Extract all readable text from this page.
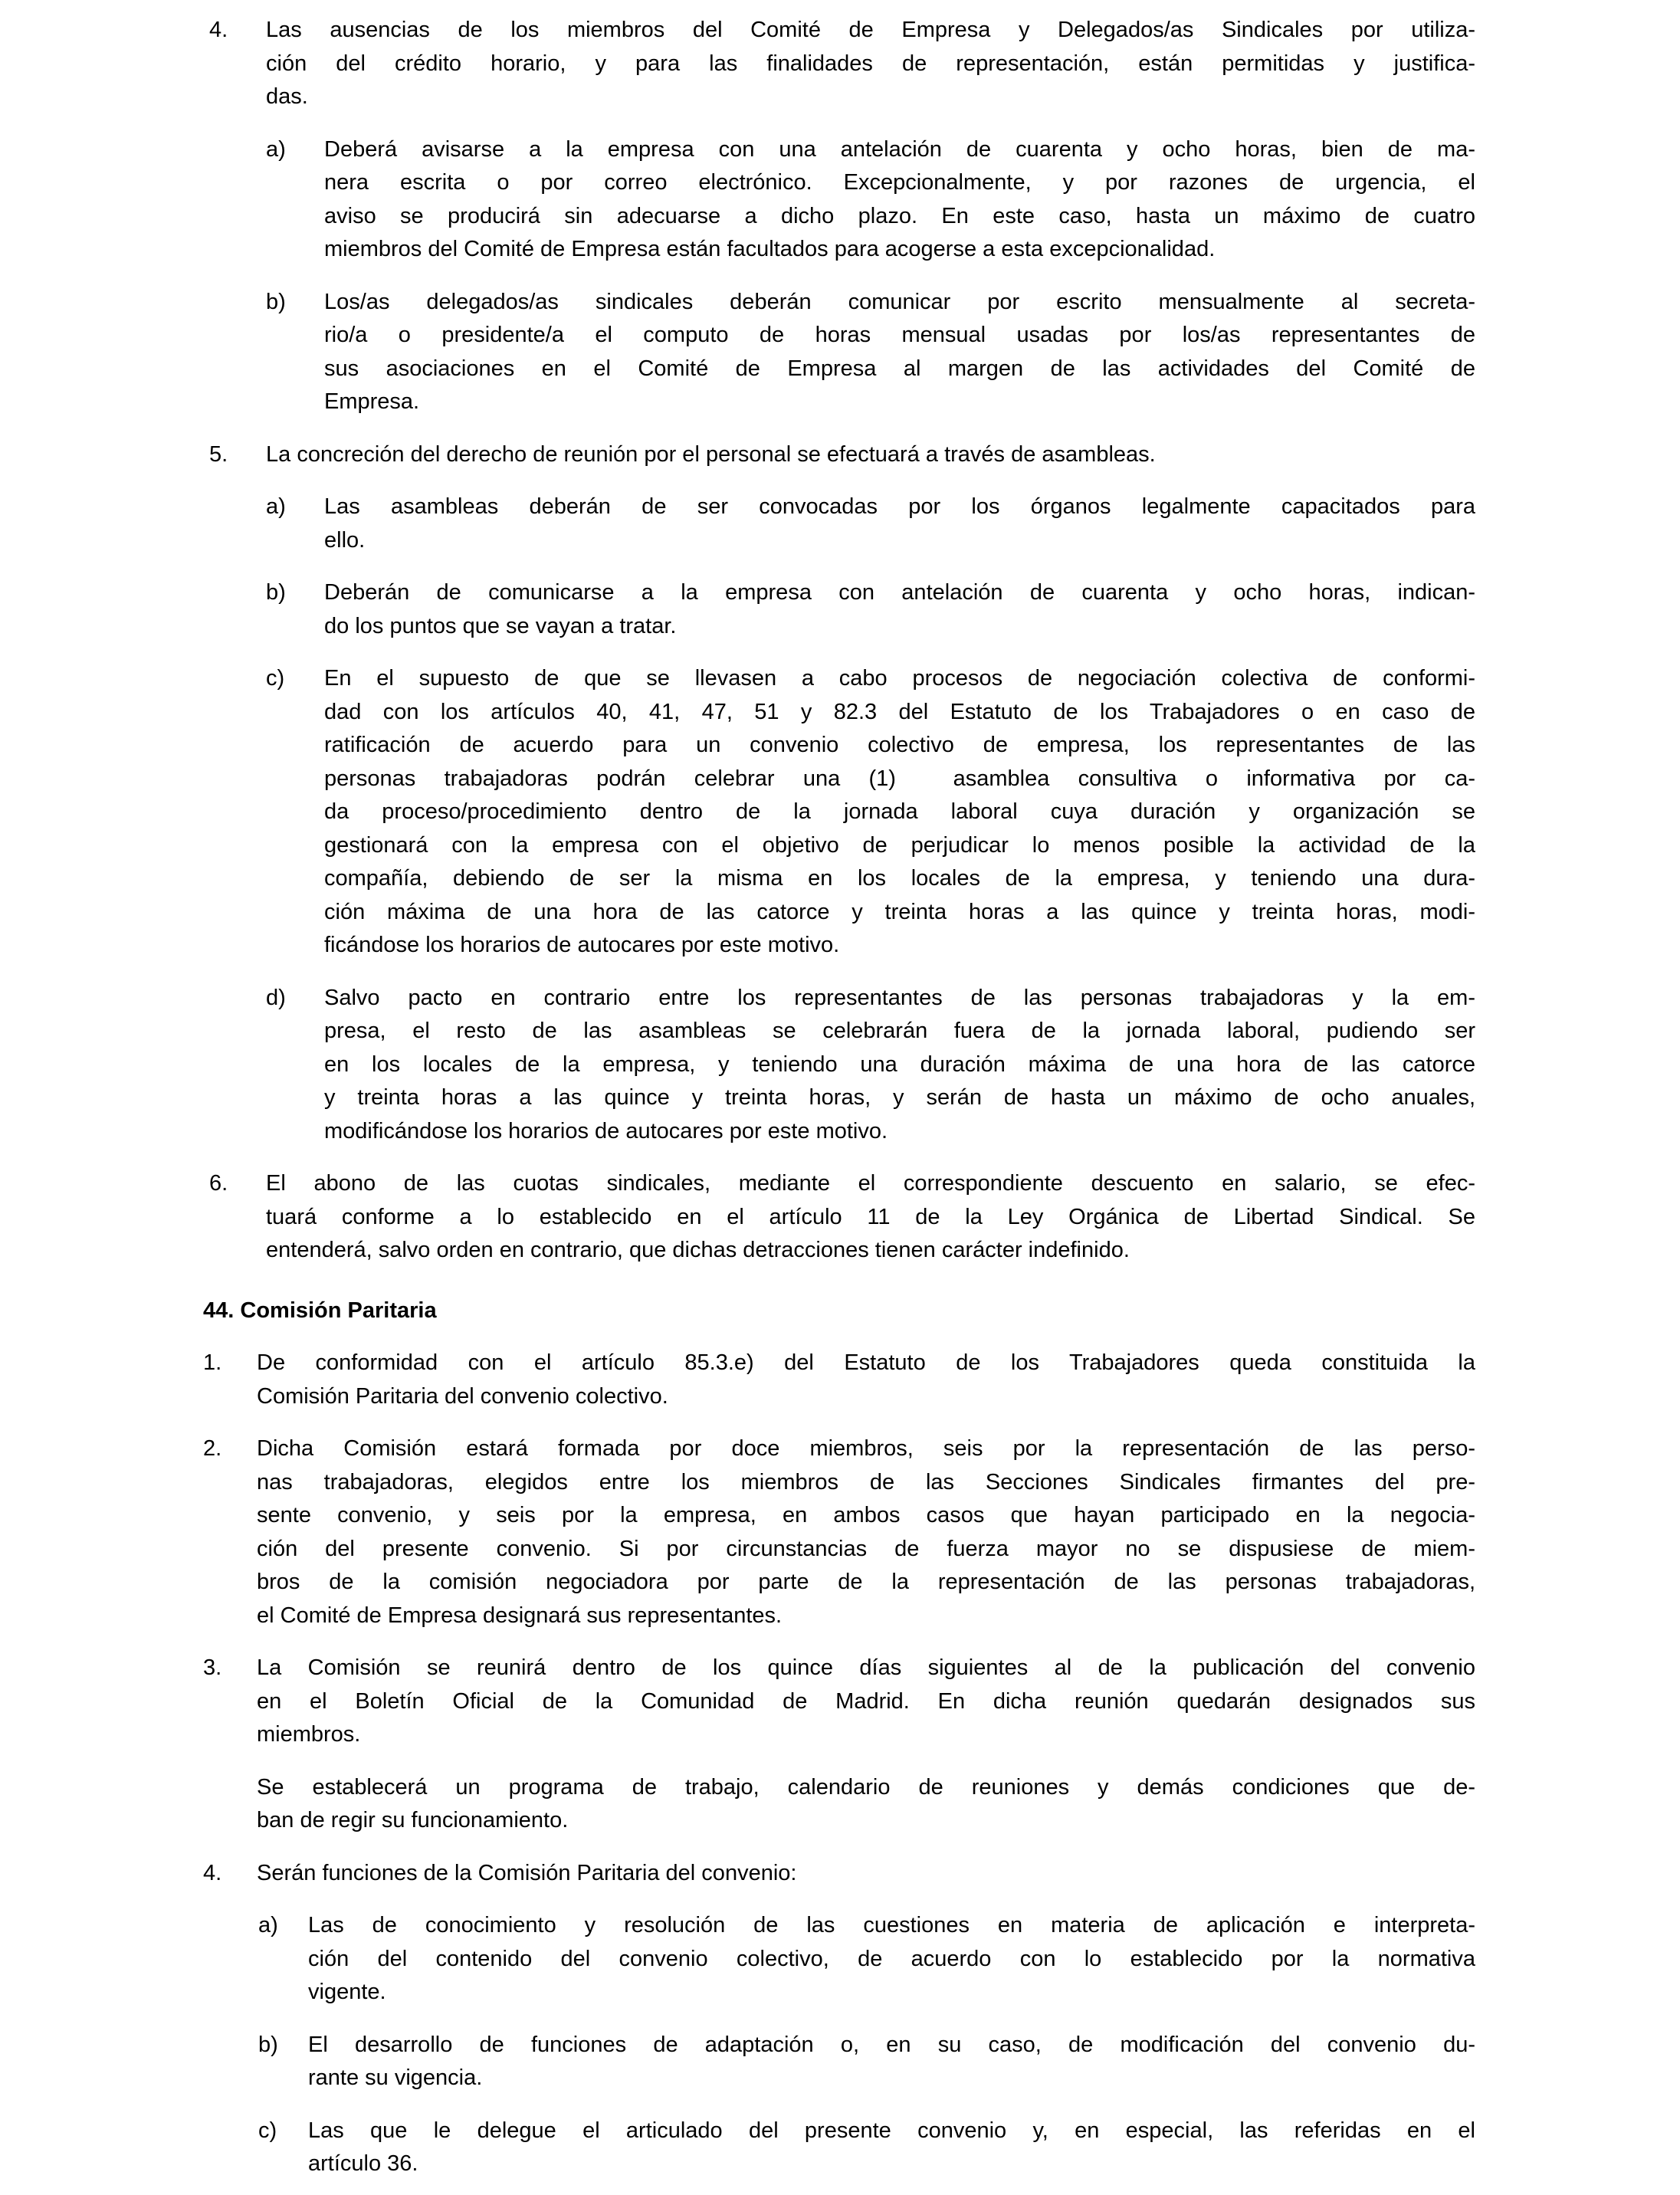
4.	Las ausencias de los miembros del Comité de Empresa y Delegados/as Sindicales por utiliza-
ción del crédito horario, y para las finalidades de representación, están permitidas y justifica-
das.
a)	Deberá avisarse a la empresa con una antelación de cuarenta y ocho horas, bien de ma-
nera escrita o por correo electrónico. Excepcionalmente, y por razones de urgencia, el
aviso se producirá sin adecuarse a dicho plazo. En este caso, hasta un máximo de cuatro
miembros del Comité de Empresa están facultados para acogerse a esta excepcionalidad.
b)	Los/as delegados/as sindicales deberán comunicar por escrito mensualmente al secreta-
rio/a o presidente/a el computo de horas mensual usadas por los/as representantes de
sus asociaciones en el Comité de Empresa al margen de las actividades del Comité de
Empresa.
5.	La concreción del derecho de reunión por el personal se efectuará a través de asambleas.
a)	Las asambleas deberán de ser convocadas por los órganos legalmente capacitados para
ello.
b)	Deberán de comunicarse a la empresa con antelación de cuarenta y ocho horas, indican-
do los puntos que se vayan a tratar.
c)	En el supuesto de que se llevasen a cabo procesos de negociación colectiva de conformi-
dad con los artículos 40, 41, 47, 51 y 82.3 del Estatuto de los Trabajadores o en caso de
ratificación de acuerdo para un convenio colectivo de empresa, los representantes de las
personas trabajadoras podrán celebrar una (1)  asamblea consultiva o informativa por ca-
da proceso/procedimiento dentro de la jornada laboral cuya duración y organización se
gestionará con la empresa con el objetivo de perjudicar lo menos posible la actividad de la
compañía, debiendo de ser la misma en los locales de la empresa, y teniendo una dura-
ción máxima de una hora de las catorce y treinta horas a las quince y treinta horas, modi-
ficándose los horarios de autocares por este motivo.
d)	Salvo pacto en contrario entre los representantes de las personas trabajadoras y la em-
presa, el resto de las asambleas se celebrarán fuera de la jornada laboral, pudiendo ser
en los locales de la empresa, y teniendo una duración máxima de una hora de las catorce
y treinta horas a las quince y treinta horas, y serán de hasta un máximo de ocho anuales,
modificándose los horarios de autocares por este motivo.
6.	El abono de las cuotas sindicales, mediante el correspondiente descuento en salario, se efec-
tuará conforme a lo establecido en el artículo 11 de la Ley Orgánica de Libertad Sindical. Se
entenderá, salvo orden en contrario, que dichas detracciones tienen carácter indefinido.
44. Comisión Paritaria
1.	De conformidad con el artículo 85.3.e) del Estatuto de los Trabajadores queda constituida la
Comisión Paritaria del convenio colectivo.
2.	Dicha Comisión estará formada por doce miembros, seis por la representación de las perso-
nas trabajadoras, elegidos entre los miembros de las Secciones Sindicales firmantes del pre-
sente convenio, y seis por la empresa, en ambos casos que hayan participado en la negocia-
ción del presente convenio. Si por circunstancias de fuerza mayor no se dispusiese de miem-
bros de la comisión negociadora por parte de la representación de las personas trabajadoras,
el Comité de Empresa designará sus representantes.
3.	La Comisión se reunirá dentro de los quince días siguientes al de la publicación del convenio
en el Boletín Oficial de la Comunidad de Madrid. En dicha reunión quedarán designados sus
miembros.
Se establecerá un programa de trabajo, calendario de reuniones y demás condiciones que de-
ban de regir su funcionamiento.
4.	Serán funciones de la Comisión Paritaria del convenio:
a)	Las de conocimiento y resolución de las cuestiones en materia de aplicación e interpreta-
ción del contenido del convenio colectivo, de acuerdo con lo establecido por la normativa
vigente.
b)	El desarrollo de funciones de adaptación o, en su caso, de modificación del convenio du-
rante su vigencia.
c)	Las que le delegue el articulado del presente convenio y, en especial, las referidas en el
artículo 36.
